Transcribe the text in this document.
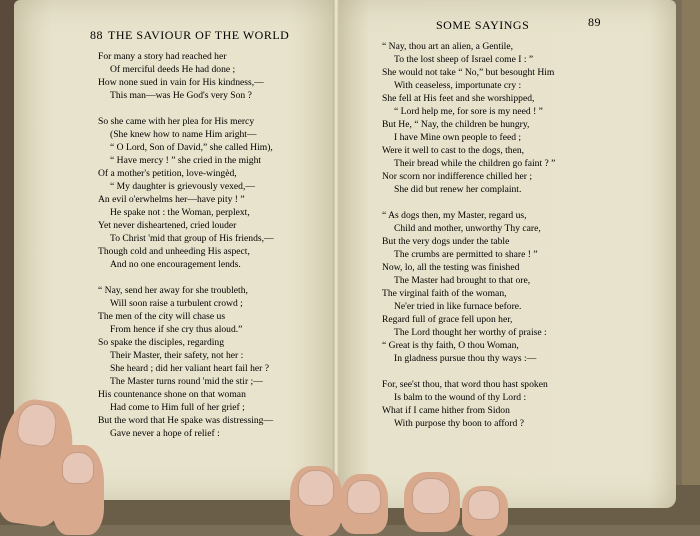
88 THE SAVIOUR OF THE WORLD
SOME SAYINGS	89
For many a story had reached her
Of merciful deeds He had done ;
How none sued in vain for His kindness,—
This man—was He God's very Son ?
So she came with her plea for His mercy
(She knew how to name Him aright—
“ O Lord, Son of David,” she called Him),
“ Have mercy ! ” she cried in the might
Of a mother's petition, love-wingèd,
“ My daughter is grievously vexed,—
An evil o'erwhelms her—have pity ! ”
He spake not : the Woman, perplext,
Yet never disheartened, cried louder
To Christ 'mid that group of His friends,—
Though cold and unheeding His aspect,
And no one encouragement lends.
“ Nay, send her away for she troubleth,
Will soon raise a turbulent crowd ;
The men of the city will chase us
From hence if she cry thus aloud.”
So spake the disciples, regarding
Their Master, their safety, not her :
She heard ; did her valiant heart fail her ?
The Master turns round 'mid the stir ;—
His countenance shone on that woman
Had come to Him full of her grief ;
But the word that He spake was distressing—
Gave never a hope of relief :
“ Nay, thou art an alien, a Gentile,
To the lost sheep of Israel come I : ”
She would not take “ No,” but besought Him
With ceaseless, importunate cry :
She fell at His feet and she worshipped,
“ Lord help me, for sore is my need ! ”
But He, “ Nay, the children be hungry,
I have Mine own people to feed ;
Were it well to cast to the dogs, then,
Their bread while the children go faint ? ”
Nor scorn nor indifference chilled her ;
She did but renew her complaint.
“ As dogs then, my Master, regard us,
Child and mother, unworthy Thy care,
But the very dogs under the table
The crumbs are permitted to share ! ”
Now, lo, all the testing was finished
The Master had brought to that ore,
The virginal faith of the woman,
Ne'er tried in like furnace before.
Regard full of grace fell upon her,
The Lord thought her worthy of praise :
“ Great is thy faith, O thou Woman,
In gladness pursue thou thy ways :—
For, see'st thou, that word thou hast spoken
Is balm to the wound of thy Lord :
What if I came hither from Sidon
With purpose thy boon to afford ?
